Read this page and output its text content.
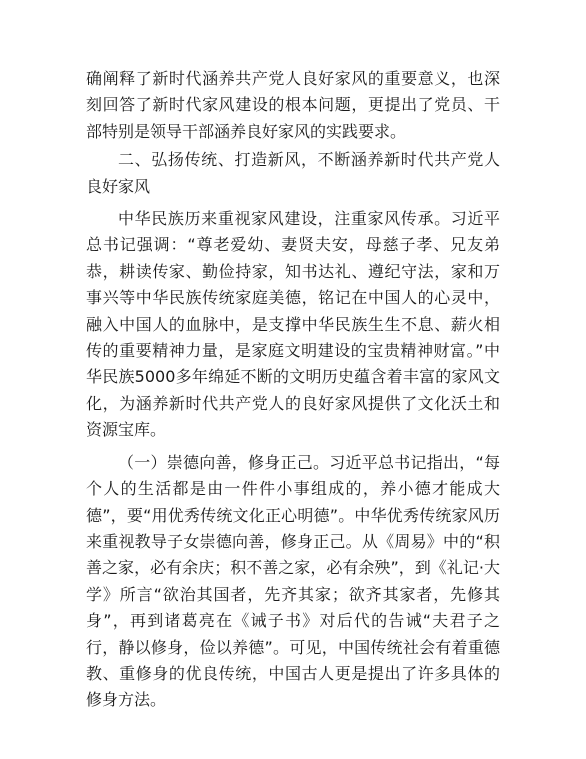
确阐释了新时代涵养共产党人良好家风的重要意义，也深刻回答了新时代家风建设的根本问题，更提出了党员、干部特别是领导干部涵养良好家风的实践要求。

二、弘扬传统、打造新风，不断涵养新时代共产党人良好家风

中华民族历来重视家风建设，注重家风传承。习近平总书记强调：“尊老爱幼、妻贤夫安，母慈子孝、兄友弟恭，耕读传家、勤俭持家，知书达礼、遵纪守法，家和万事兴等中华民族传统家庭美德，铭记在中国人的心灵中，融入中国人的血脉中，是支撑中华民族生生不息、薪火相传的重要精神力量，是家庭文明建设的宝贵精神财富。”中华民族5000多年绵延不断的文明历史蕴含着丰富的家风文化，为涵养新时代共产党人的良好家风提供了文化沃土和资源宝库。

（一）崇德向善，修身正己。习近平总书记指出，“每个人的生活都是由一件件小事组成的，养小德才能成大德”，要“用优秀传统文化正心明德”。中华优秀传统家风历来重视教导子女崇德向善，修身正己。从《周易》中的“积善之家，必有余庆；积不善之家，必有余殃”，到《礼记·大学》所言“欲治其国者，先齐其家；欲齐其家者，先修其身”，再到诸葛亮在《诫子书》对后代的告诫“夫君子之行，静以修身，俭以养德”。可见，中国传统社会有着重德教、重修身的优良传统，中国古人更是提出了许多具体的修身方法。
